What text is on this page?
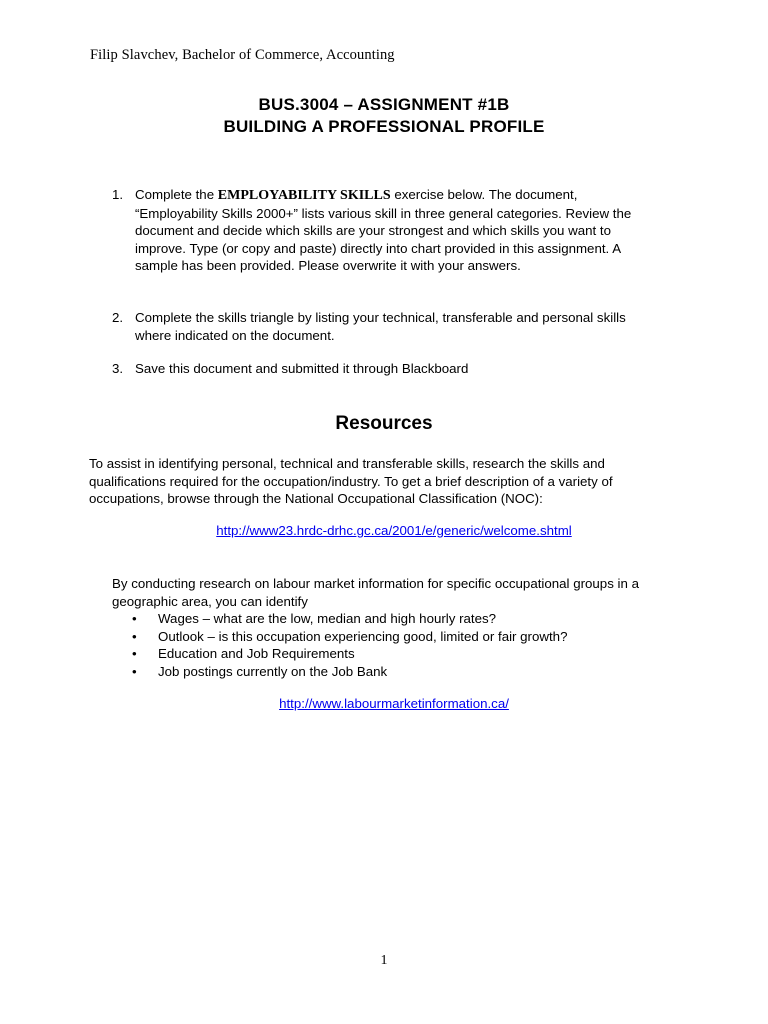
Filip Slavchev, Bachelor of Commerce, Accounting
BUS.3004 – ASSIGNMENT #1B
BUILDING A PROFESSIONAL PROFILE
1. Complete the EMPLOYABILITY SKILLS exercise below. The document, “Employability Skills 2000+” lists various skill in three general categories. Review the document and decide which skills are your strongest and which skills you want to improve. Type (or copy and paste) directly into chart provided in this assignment. A sample has been provided. Please overwrite it with your answers.
2. Complete the skills triangle by listing your technical, transferable and personal skills where indicated on the document.
3. Save this document and submitted it through Blackboard
Resources
To assist in identifying personal, technical and transferable skills, research the skills and qualifications required for the occupation/industry. To get a brief description of a variety of occupations, browse through the National Occupational Classification (NOC):
http://www23.hrdc-drhc.gc.ca/2001/e/generic/welcome.shtml
By conducting research on labour market information for specific occupational groups in a geographic area, you can identify
• Wages – what are the low, median and high hourly rates?
• Outlook – is this occupation experiencing good, limited or fair growth?
• Education and Job Requirements
• Job postings currently on the Job Bank
http://www.labourmarketinformation.ca/
1
